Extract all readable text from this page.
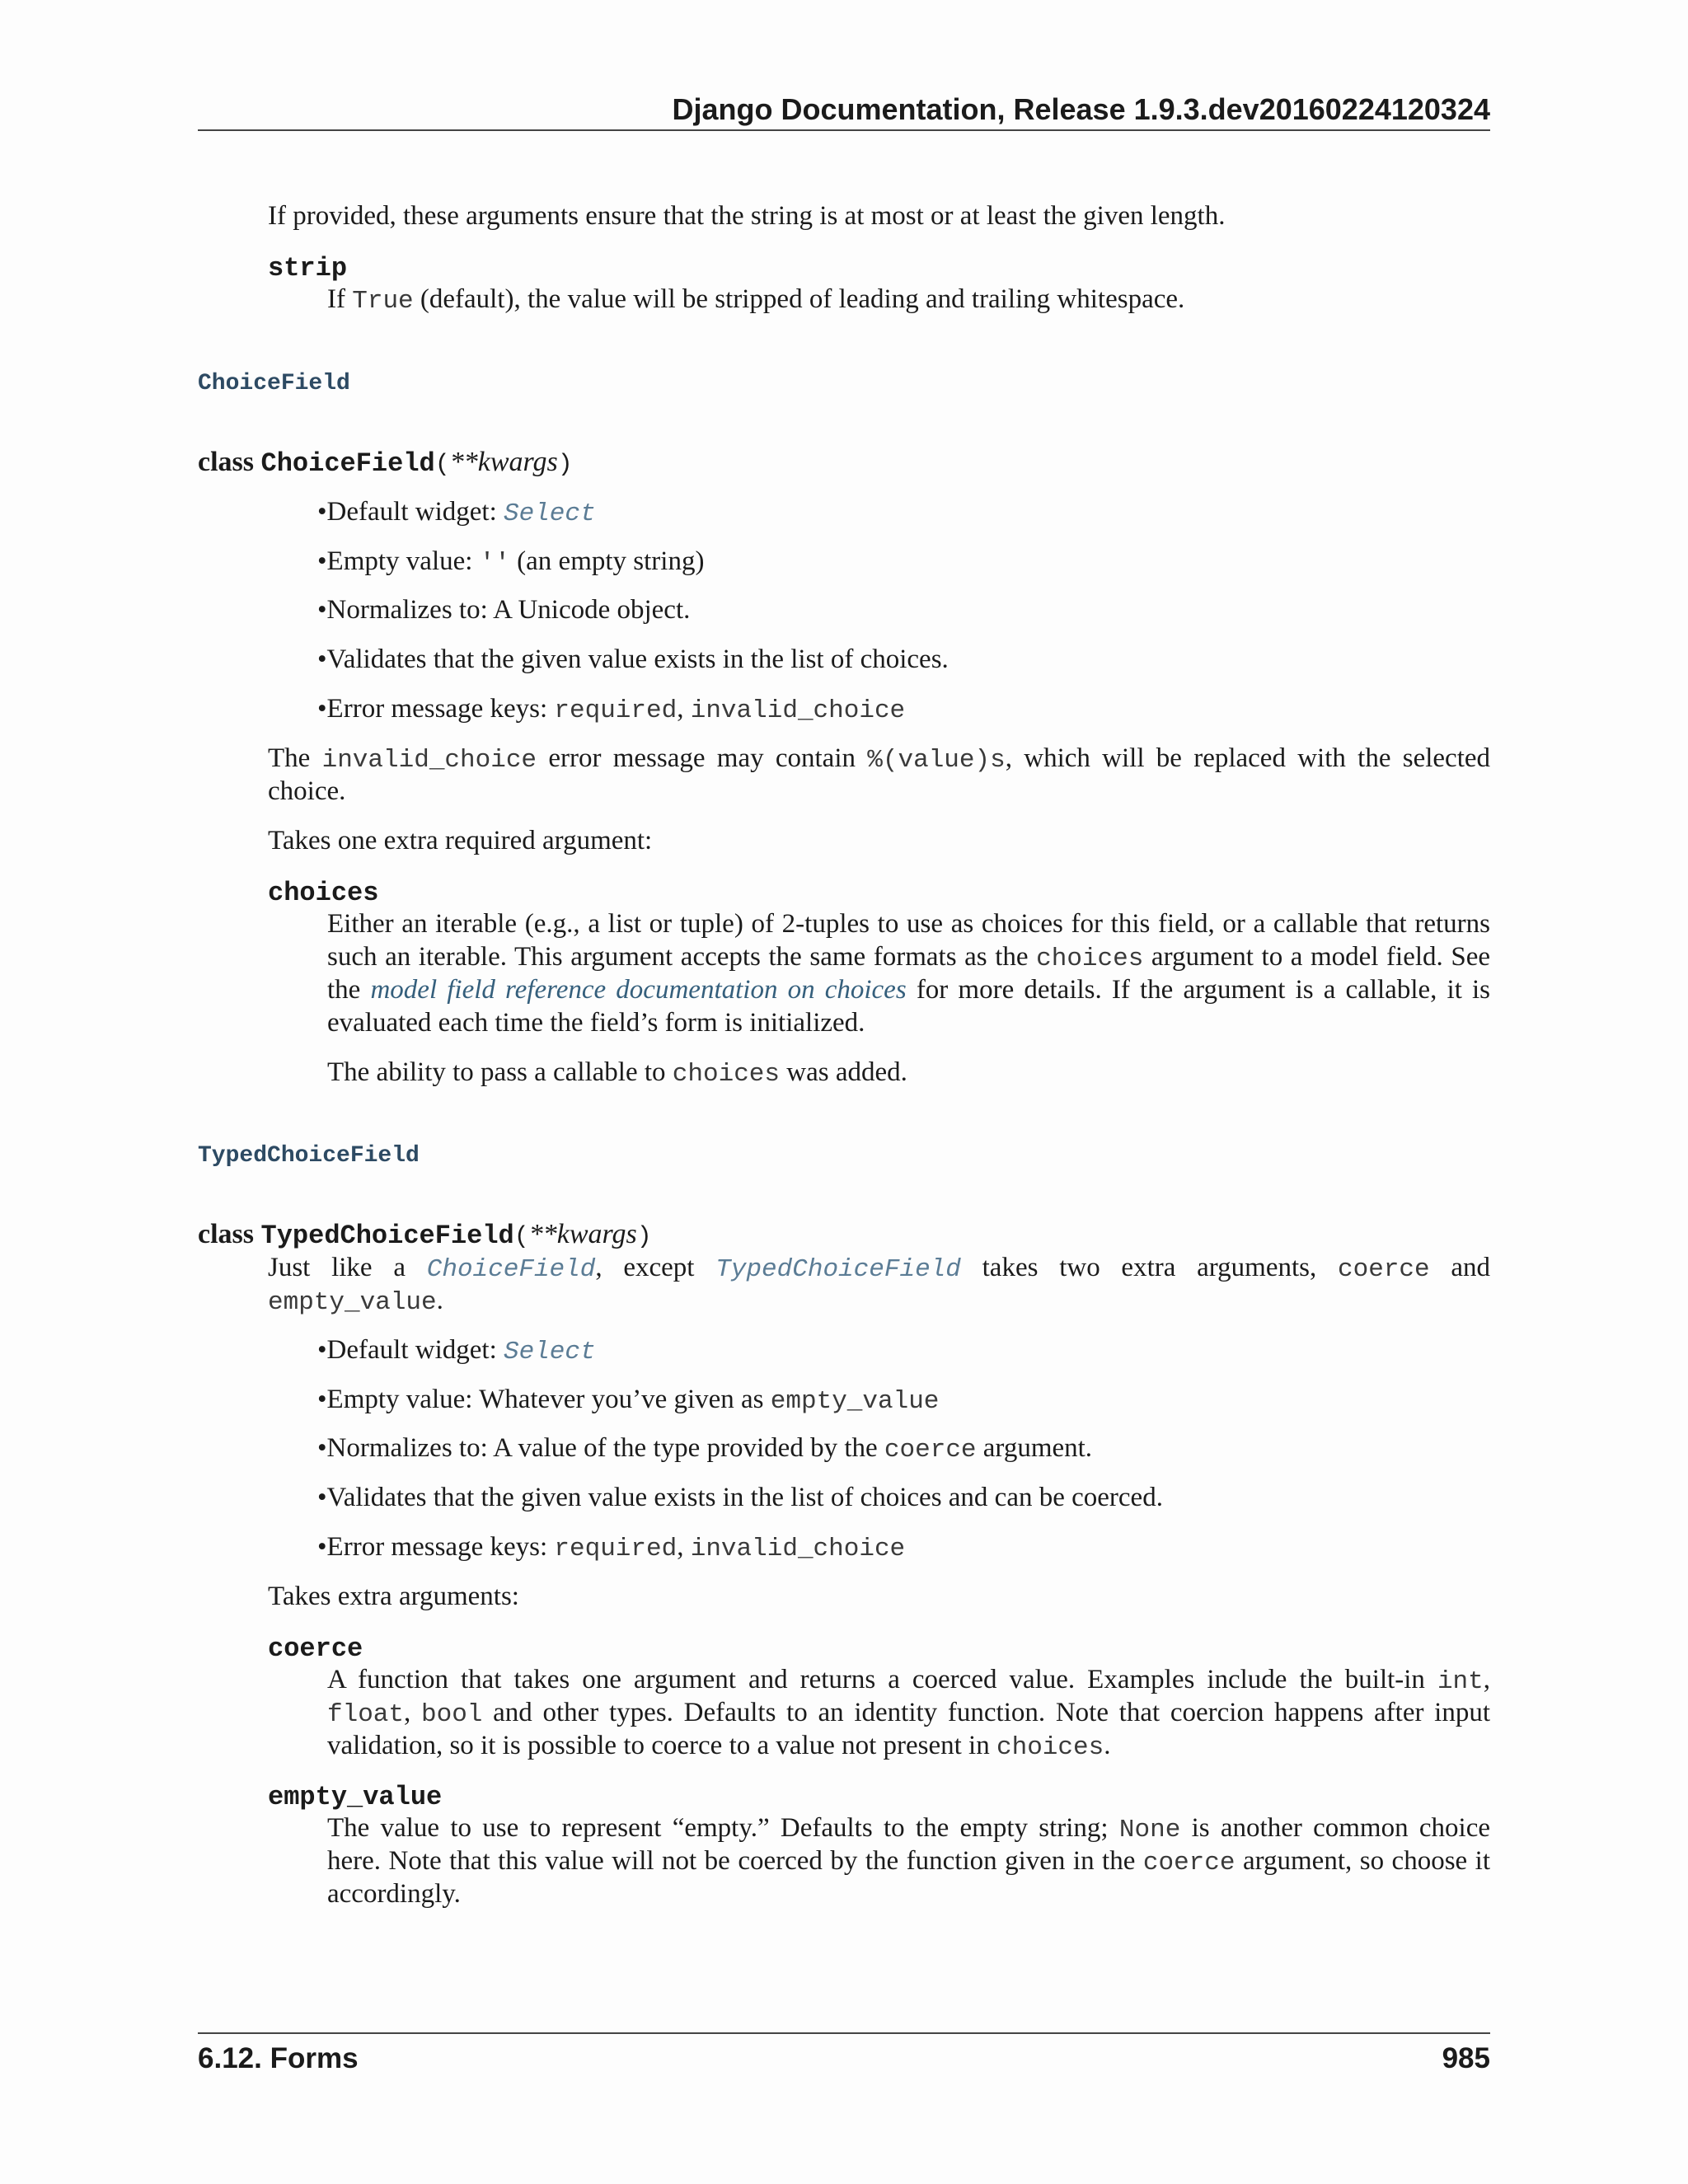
Django Documentation, Release 1.9.3.dev20160224120324
If provided, these arguments ensure that the string is at most or at least the given length.
strip
If True (default), the value will be stripped of leading and trailing whitespace.
ChoiceField
class ChoiceField(**kwargs)
•Default widget: Select
•Empty value: '' (an empty string)
•Normalizes to: A Unicode object.
•Validates that the given value exists in the list of choices.
•Error message keys: required, invalid_choice
The invalid_choice error message may contain %(value)s, which will be replaced with the selected
choice.
Takes one extra required argument:
choices
Either an iterable (e.g., a list or tuple) of 2-tuples to use as choices for this field, or a callable that returns
such an iterable. This argument accepts the same formats as the choices argument to a model field. See
the model field reference documentation on choices for more details. If the argument is a callable, it is
evaluated each time the field’s form is initialized.
The ability to pass a callable to choices was added.
TypedChoiceField
class TypedChoiceField(**kwargs)
Just like a ChoiceField, except TypedChoiceField takes two extra arguments, coerce and
empty_value.
•Default widget: Select
•Empty value: Whatever you’ve given as empty_value
•Normalizes to: A value of the type provided by the coerce argument.
•Validates that the given value exists in the list of choices and can be coerced.
•Error message keys: required, invalid_choice
Takes extra arguments:
coerce
A function that takes one argument and returns a coerced value. Examples include the built-in int,
float, bool and other types. Defaults to an identity function. Note that coercion happens after input
validation, so it is possible to coerce to a value not present in choices.
empty_value
The value to use to represent “empty.” Defaults to the empty string; None is another common choice
here. Note that this value will not be coerced by the function given in the coerce argument, so choose it
accordingly.
6.12. Forms	985
